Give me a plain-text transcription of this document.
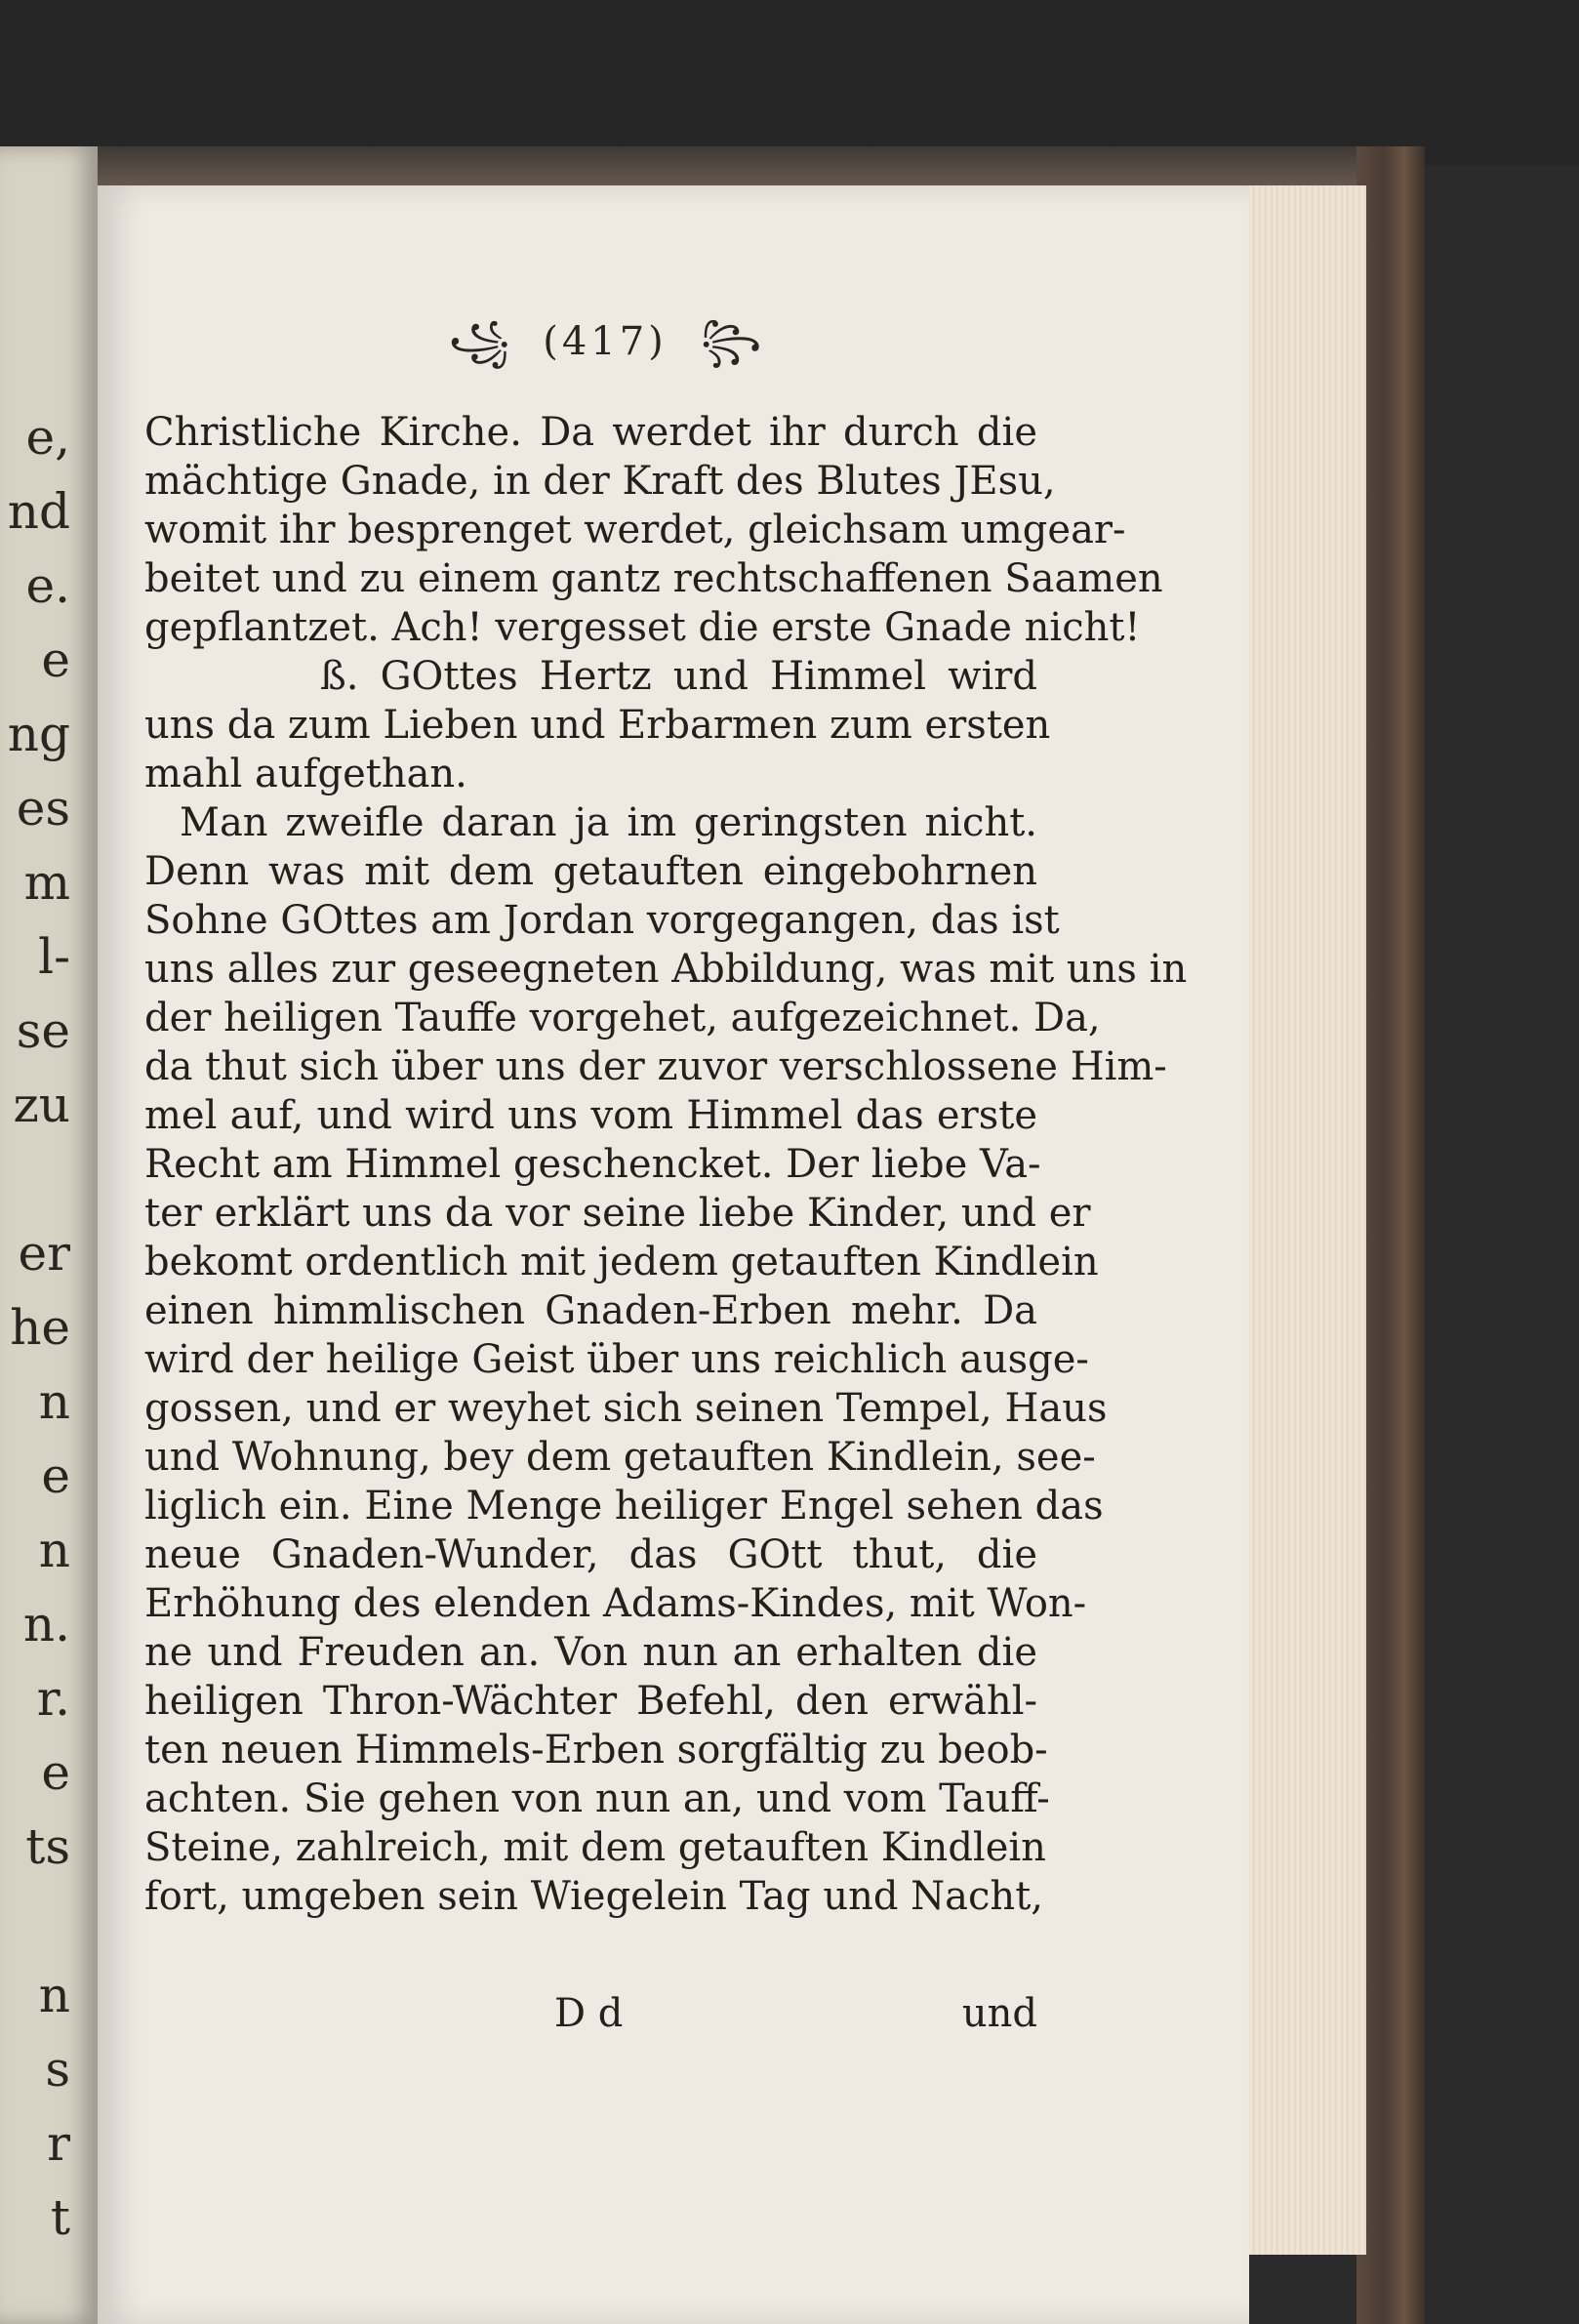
e,
nd
e.
e
ng
es
m
l-
se
zu
er
he
n
e
n
n.
r.
e
ts
n
s
r
t
꧁ (417) ꧂
Christliche Kirche. Da werdet ihr durch die
mächtige Gnade, in der Kraft des Blutes JEsu,
womit ihr besprenget werdet, gleichsam umgear-
beitet und zu einem gantz rechtschaffenen Saamen
gepflantzet. Ach! vergesset die erste Gnade nicht!
ß. GOttes Hertz und Himmel wird
uns da zum Lieben und Erbarmen zum ersten
mahl aufgethan.
Man zweifle daran ja im geringsten nicht.
Denn was mit dem getauften eingebohrnen
Sohne GOttes am Jordan vorgegangen, das ist
uns alles zur geseegneten Abbildung, was mit uns in
der heiligen Tauffe vorgehet, aufgezeichnet. Da,
da thut sich über uns der zuvor verschlossene Him-
mel auf, und wird uns vom Himmel das erste
Recht am Himmel geschencket. Der liebe Va-
ter erklärt uns da vor seine liebe Kinder, und er
bekomt ordentlich mit jedem getauften Kindlein
einen himmlischen Gnaden-Erben mehr. Da
wird der heilige Geist über uns reichlich ausge-
gossen, und er weyhet sich seinen Tempel, Haus
und Wohnung, bey dem getauften Kindlein, see-
liglich ein. Eine Menge heiliger Engel sehen das
neue Gnaden-Wunder, das GOtt thut, die
Erhöhung des elenden Adams-Kindes, mit Won-
ne und Freuden an. Von nun an erhalten die
heiligen Thron-Wächter Befehl, den erwähl-
ten neuen Himmels-Erben sorgfältig zu beob-
achten. Sie gehen von nun an, und vom Tauff-
Steine, zahlreich, mit dem getauften Kindlein
fort, umgeben sein Wiegelein Tag und Nacht,
D d	und
